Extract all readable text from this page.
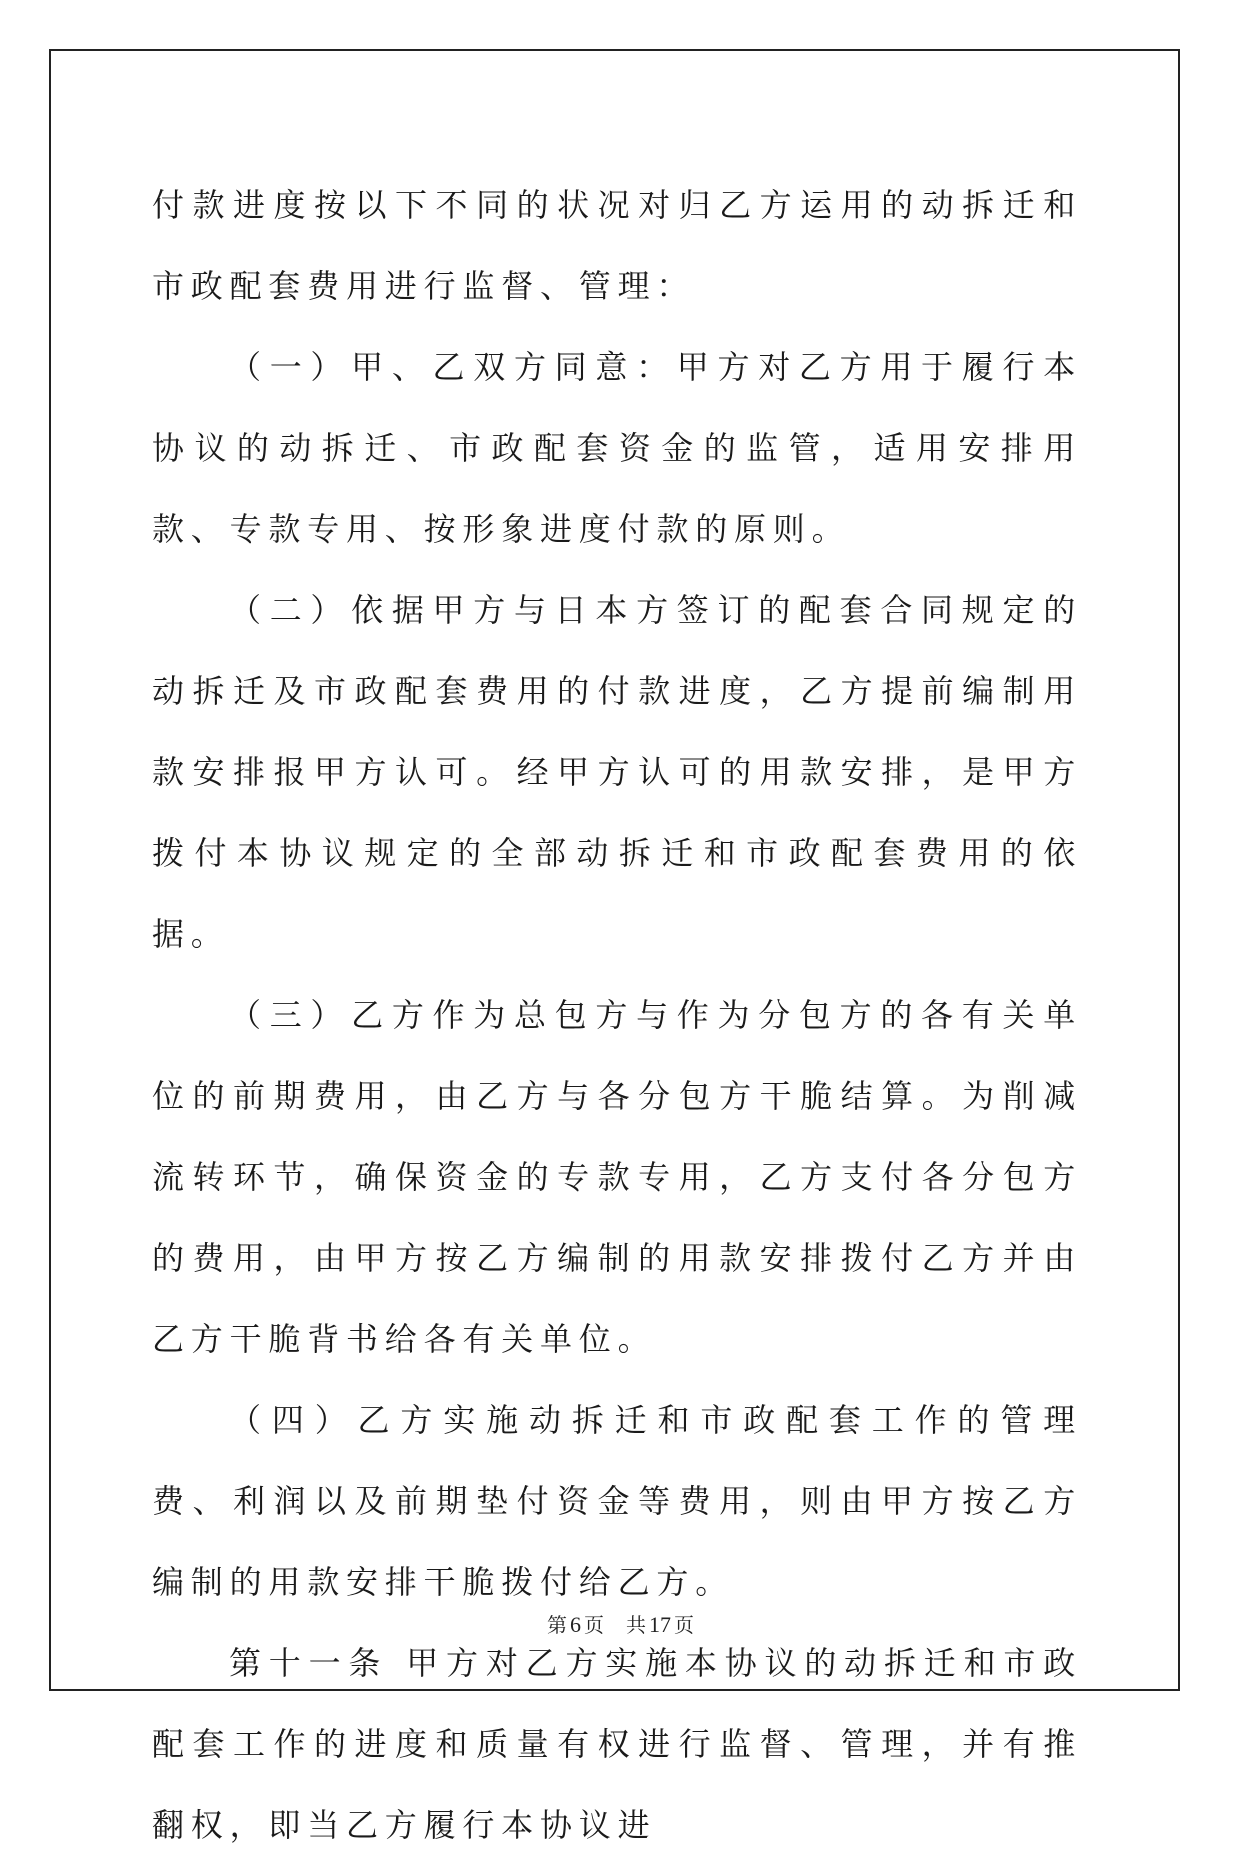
付款进度按以下不同的状况对归乙方运用的动拆迁和市政配套费用进行监督、管理：

（一）甲、乙双方同意：甲方对乙方用于履行本协议的动拆迁、市政配套资金的监管，适用安排用款、专款专用、按形象进度付款的原则。

（二）依据甲方与日本方签订的配套合同规定的动拆迁及市政配套费用的付款进度，乙方提前编制用款安排报甲方认可。经甲方认可的用款安排，是甲方拨付本协议规定的全部动拆迁和市政配套费用的依据。

（三）乙方作为总包方与作为分包方的各有关单位的前期费用，由乙方与各分包方干脆结算。为削减流转环节，确保资金的专款专用，乙方支付各分包方的费用，由甲方按乙方编制的用款安排拨付乙方并由乙方干脆背书给各有关单位。

（四）乙方实施动拆迁和市政配套工作的管理费、利润以及前期垫付资金等费用，则由甲方按乙方编制的用款安排干脆拨付给乙方。

第十一条 甲方对乙方实施本协议的动拆迁和市政配套工作的进度和质量有权进行监督、管理，并有推翻权，即当乙方履行本协议进

第 6 页 共 17 页
